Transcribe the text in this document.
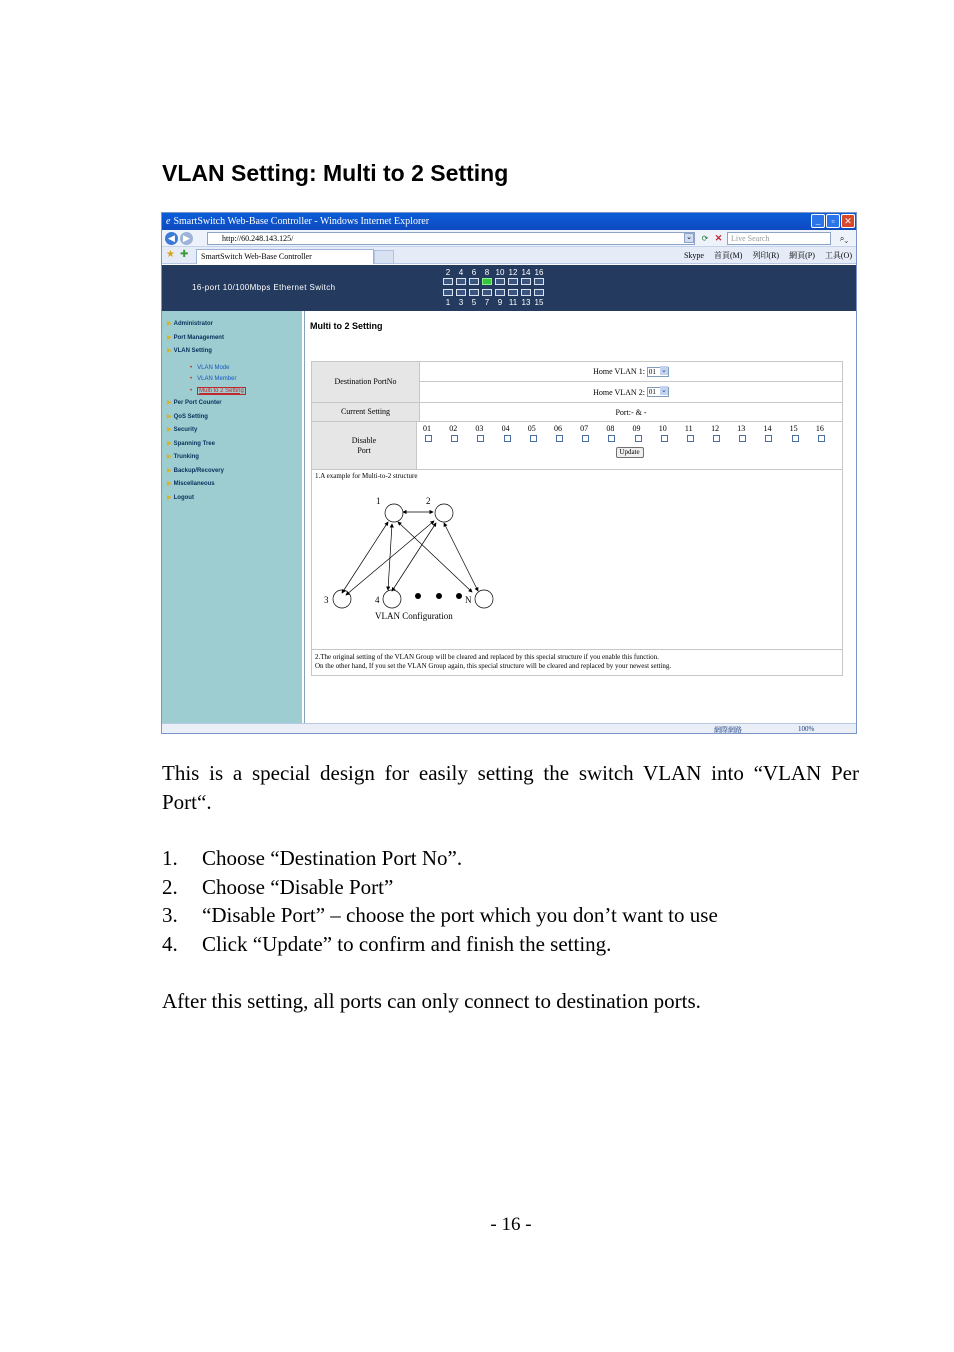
VLAN Setting: Multi to 2 Setting
e SmartSwitch Web-Base Controller - Windows Internet Explorer	_	▫	✕
◀ ▶	http://60.248.143.125/	⌄	⟳ ✕	Live Search	⌕⌄
★ ✚	SmartSwitch Web-Base Controller	Skype 首頁(M) 列印(R) 網頁(P) 工具(O)
16-port 10/100Mbps Ethernet Switch
2	4	6	8 10 12 14 16
1	3	5	7	9 11 13 15
▶ Administrator
▶ Port Management
▶ VLAN Setting
• VLAN Mode
• VLAN Member
• Multi to 2 Setting
▶ Per Port Counter
▶ QoS Setting
▶ Security
▶ Spanning Tree
▶ Trunking
▶ Backup/Recovery
▶ Miscellaneous
▶ Logout
Multi to 2 Setting
Destination PortNo
Home VLAN 1: 01 ⌄
Home VLAN 2: 01 ⌄
Current Setting	Port:- & -
Disable
Port
01	02	03	04	05	06	07	08	09	10	11	12	13	14	15	16
Update
1.A example for Multi-to-2 structure
1	2
3	4	N
VLAN Configuration
2.The original setting of the VLAN Group will be cleared and replaced by this special structure if you enable this function.
On the other hand, If you set the VLAN Group again, this special structure will be cleared and replaced by your newest setting.
網際網路	100%
This is a special design for easily setting the switch VLAN into “VLAN Per Port“.
1.	Choose “Destination Port No”.
2.	Choose “Disable Port”
3.	“Disable Port” – choose the port which you don’t want to use
4.	Click “Update” to confirm and finish the setting.
After this setting, all ports can only connect to destination ports.
- 16 -
